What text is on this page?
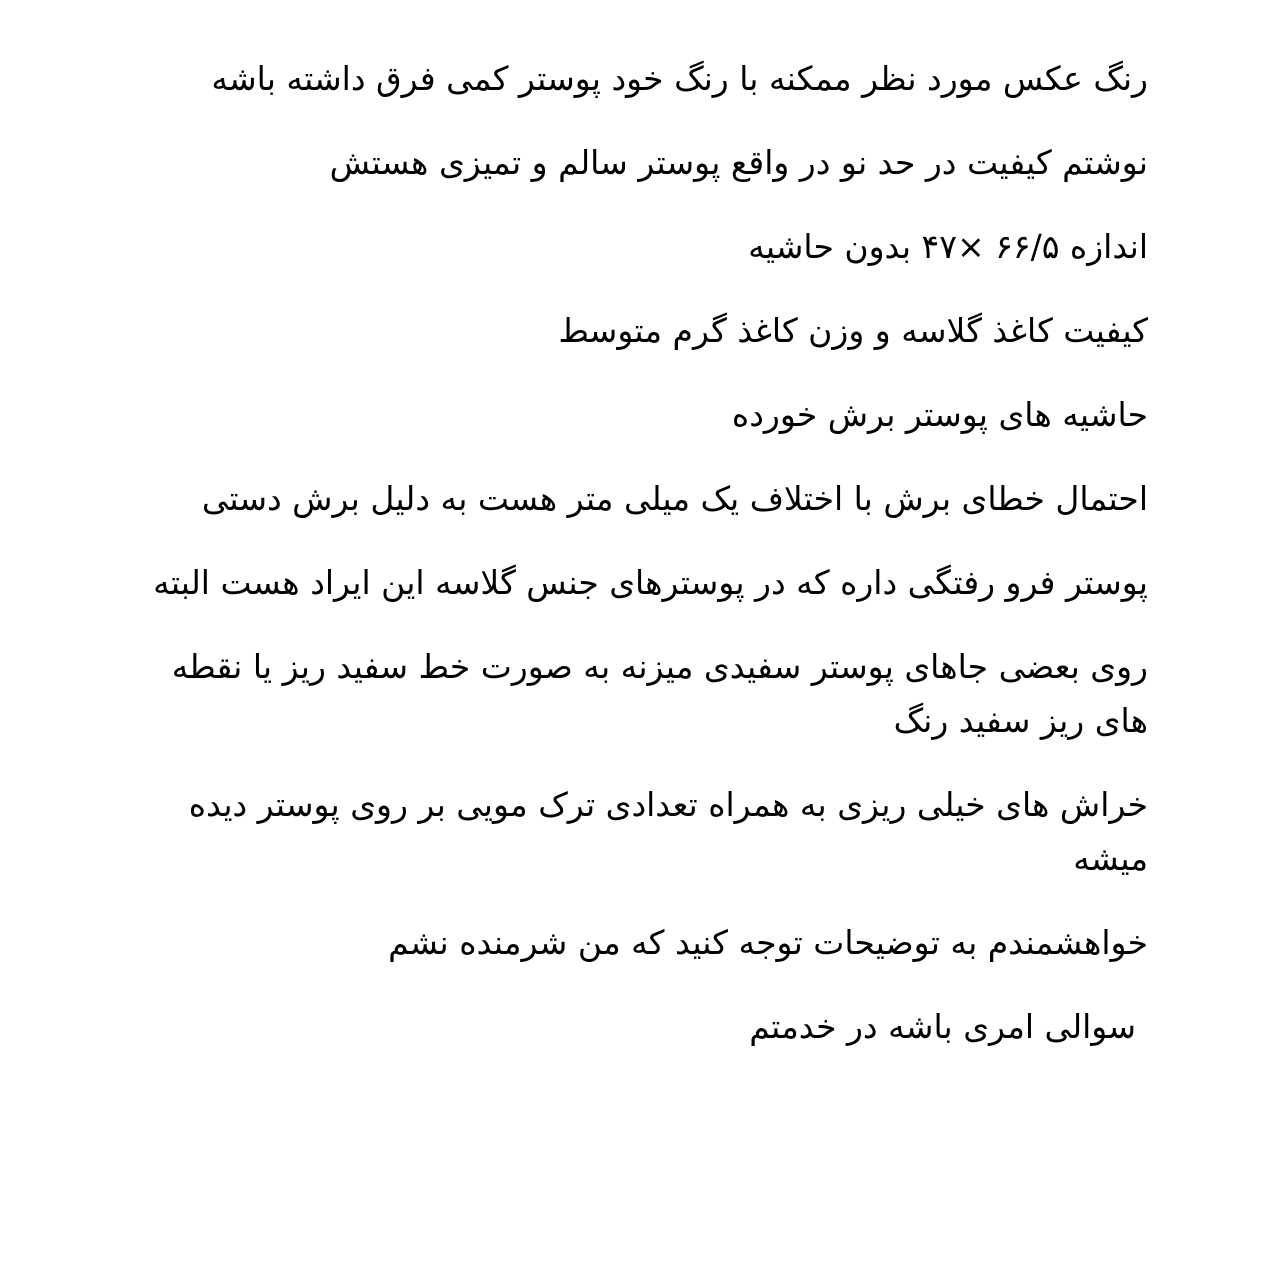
رنگ عکس مورد نظر ممکنه با رنگ خود پوستر کمی فرق داشته باشه

نوشتم کیفیت در حد نو در واقع پوستر سالم و تمیزی هستش

اندازه ۶۶/۵ ×۴۷ بدون حاشیه

کیفیت کاغذ گلاسه و وزن کاغذ گرم متوسط

حاشیه های پوستر برش خورده

احتمال خطای برش با اختلاف یک میلی متر هست به دلیل برش دستی

پوستر فرو رفتگی داره که در پوسترهای جنس گلاسه این ایراد هست البته

روی بعضی جاهای پوستر سفیدی میزنه به صورت خط سفید ریز یا نقطه های ریز سفید رنگ

خراش های خیلی ریزی به همراه تعدادی ترک مویی بر روی پوستر دیده میشه

خواهشمندم به توضیحات توجه کنید که من شرمنده نشم

سوالی امری باشه در خدمتم
